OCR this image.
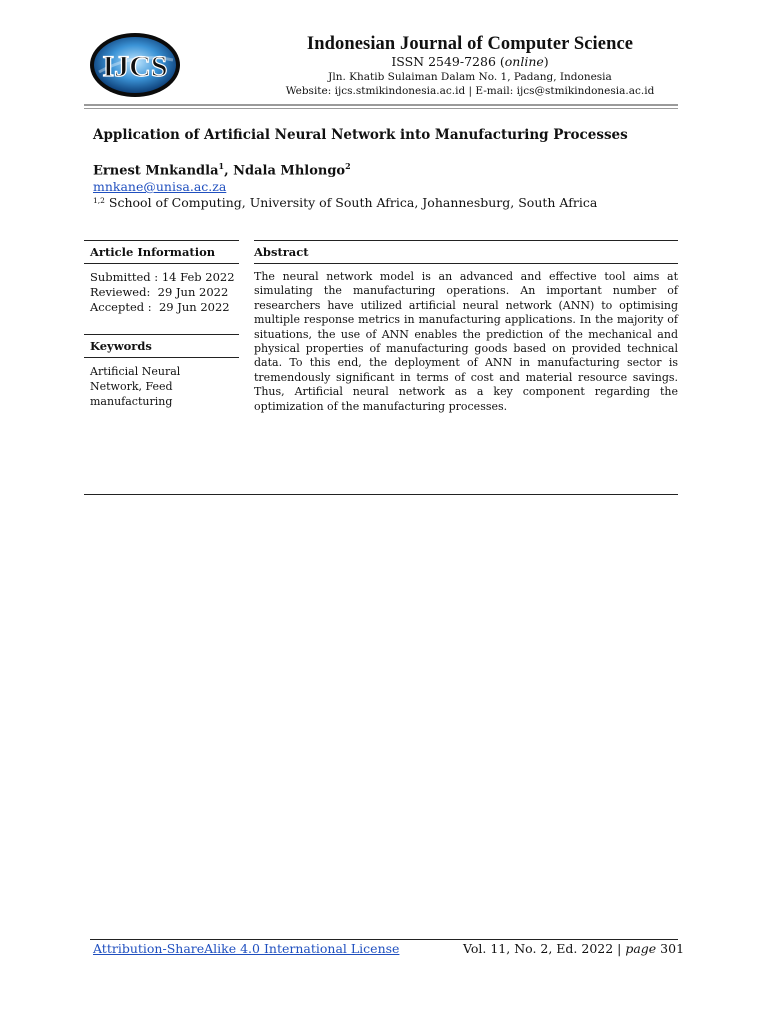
IJCS
Indonesian Journal of Computer Science
ISSN 2549-7286 (online)
Jln. Khatib Sulaiman Dalam No. 1, Padang, Indonesia
Website: ijcs.stmikindonesia.ac.id | E-mail: ijcs@stmikindonesia.ac.id
Application of Artificial Neural Network into Manufacturing Processes
Ernest Mnkandla$^1$, Ndala Mhlongo$^2$
mnkane@unisa.ac.za
$^{1,2}$ School of Computing, University of South Africa, Johannesburg, South Africa
Article Information	Abstract
Keywords
Submitted : 14 Feb 2022
Reviewed: 29 Jun 2022
Accepted : 29 Jun 2022
Artificial Neural Network, Feed manufacturing
The neural network model is an advanced and effective tool aims at simulating the manufacturing operations. An important number of researchers have utilized artificial neural network (ANN) to optimising multiple response metrics in manufacturing applications. In the majority of situations, the use of ANN enables the prediction of the mechanical and physical properties of manufacturing goods based on provided technical data. To this end, the deployment of ANN in manufacturing sector is tremendously significant in terms of cost and material resource savings. Thus, Artificial neural network as a key component regarding the optimization of the manufacturing processes.
Attribution-ShareAlike 4.0 International License	Vol. 11, No. 2, Ed. 2022 | page 301
